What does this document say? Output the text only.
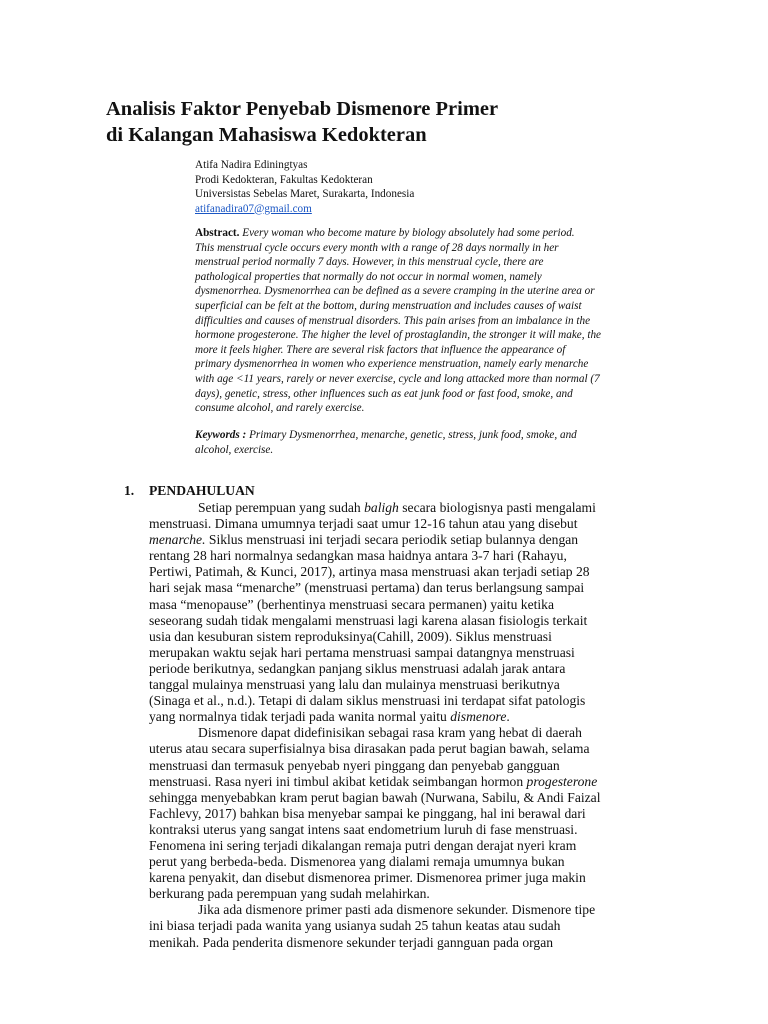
Analisis Faktor Penyebab Dismenore Primer
di Kalangan Mahasiswa Kedokteran
Atifa Nadira Ediningtyas
Prodi Kedokteran, Fakultas Kedokteran
Universistas Sebelas Maret, Surakarta, Indonesia
atifanadira07@gmail.com
Abstract. Every woman who become mature by biology absolutely had some period.
This menstrual cycle occurs every month with a range of 28 days normally in her
menstrual period normally 7 days. However, in this menstrual cycle, there are
pathological properties that normally do not occur in normal women, namely
dysmenorrhea. Dysmenorrhea can be defined as a severe cramping in the uterine area or
superficial can be felt at the bottom, during menstruation and includes causes of waist
difficulties and causes of menstrual disorders. This pain arises from an imbalance in the
hormone progesterone. The higher the level of prostaglandin, the stronger it will make, the
more it feels higher. There are several risk factors that influence the appearance of
primary dysmenorrhea in women who experience menstruation, namely early menarche
with age <11 years, rarely or never exercise, cycle and long attacked more than normal (7
days), genetic, stress, other influences such as eat junk food or fast food, smoke, and
consume alcohol, and rarely exercise.
Keywords : Primary Dysmenorrhea, menarche, genetic, stress, junk food, smoke, and
alcohol, exercise.
1. PENDAHULUAN
Setiap perempuan yang sudah baligh secara biologisnya pasti mengalami
menstruasi. Dimana umumnya terjadi saat umur 12-16 tahun atau yang disebut
menarche. Siklus menstruasi ini terjadi secara periodik setiap bulannya dengan
rentang 28 hari normalnya sedangkan masa haidnya antara 3-7 hari (Rahayu,
Pertiwi, Patimah, & Kunci, 2017), artinya masa menstruasi akan terjadi setiap 28
hari sejak masa “menarche” (menstruasi pertama) dan terus berlangsung sampai
masa “menopause” (berhentinya menstruasi secara permanen) yaitu ketika
seseorang sudah tidak mengalami menstruasi lagi karena alasan fisiologis terkait
usia dan kesuburan sistem reproduksinya(Cahill, 2009). Siklus menstruasi
merupakan waktu sejak hari pertama menstruasi sampai datangnya menstruasi
periode berikutnya, sedangkan panjang siklus menstruasi adalah jarak antara
tanggal mulainya menstruasi yang lalu dan mulainya menstruasi berikutnya
(Sinaga et al., n.d.). Tetapi di dalam siklus menstruasi ini terdapat sifat patologis
yang normalnya tidak terjadi pada wanita normal yaitu dismenore.
Dismenore dapat didefinisikan sebagai rasa kram yang hebat di daerah
uterus atau secara superfisialnya bisa dirasakan pada perut bagian bawah, selama
menstruasi dan termasuk penyebab nyeri pinggang dan penyebab gangguan
menstruasi. Rasa nyeri ini timbul akibat ketidak seimbangan hormon progesterone
sehingga menyebabkan kram perut bagian bawah (Nurwana, Sabilu, & Andi Faizal
Fachlevy, 2017) bahkan bisa menyebar sampai ke pinggang, hal ini berawal dari
kontraksi uterus yang sangat intens saat endometrium luruh di fase menstruasi.
Fenomena ini sering terjadi dikalangan remaja putri dengan derajat nyeri kram
perut yang berbeda-beda. Dismenorea yang dialami remaja umumnya bukan
karena penyakit, dan disebut dismenorea primer. Dismenorea primer juga makin
berkurang pada perempuan yang sudah melahirkan.
Jika ada dismenore primer pasti ada dismenore sekunder. Dismenore tipe
ini biasa terjadi pada wanita yang usianya sudah 25 tahun keatas atau sudah
menikah. Pada penderita dismenore sekunder terjadi gannguan pada organ
